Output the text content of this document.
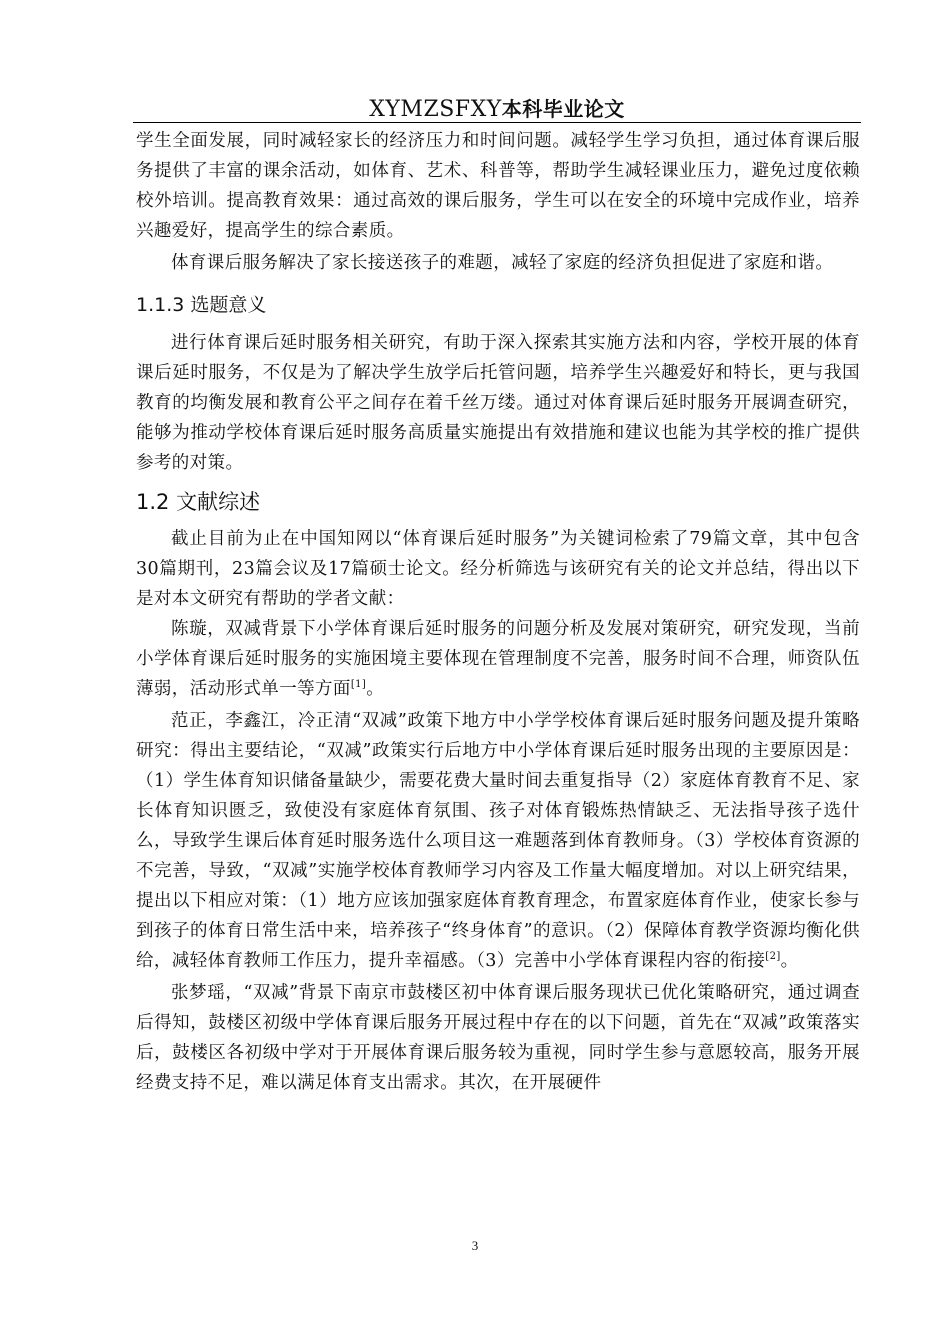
XYMZSFXY本科毕业论文

学生全面发展，同时减轻家长的经济压力和时间问题。减轻学生学习负担，通过体育课后服务提供了丰富的课余活动，如体育、艺术、科普等，帮助学生减轻课业压力，避免过度依赖校外培训。提高教育效果：通过高效的课后服务，学生可以在安全的环境中完成作业，培养兴趣爱好，提高学生的综合素质。

体育课后服务解决了家长接送孩子的难题，减轻了家庭的经济负担促进了家庭和谐。

1.1.3 选题意义

进行体育课后延时服务相关研究，有助于深入探索其实施方法和内容，学校开展的体育课后延时服务，不仅是为了解决学生放学后托管问题，培养学生兴趣爱好和特长，更与我国教育的均衡发展和教育公平之间存在着千丝万缕。通过对体育课后延时服务开展调查研究，能够为推动学校体育课后延时服务高质量实施提出有效措施和建议也能为其学校的推广提供参考的对策。

1.2 文献综述

截止目前为止在中国知网以“体育课后延时服务”为关键词检索了79篇文章，其中包含30篇期刊，23篇会议及17篇硕士论文。经分析筛选与该研究有关的论文并总结，得出以下是对本文研究有帮助的学者文献：

陈璇，双减背景下小学体育课后延时服务的问题分析及发展对策研究，研究发现，当前小学体育课后延时服务的实施困境主要体现在管理制度不完善，服务时间不合理，师资队伍薄弱，活动形式单一等方面[1]。

范正，李鑫江，冷正清“双减”政策下地方中小学学校体育课后延时服务问题及提升策略研究：得出主要结论，“双减”政策实行后地方中小学体育课后延时服务出现的主要原因是：（1）学生体育知识储备量缺少，需要花费大量时间去重复指导（2）家庭体育教育不足、家长体育知识匮乏，致使没有家庭体育氛围、孩子对体育锻炼热情缺乏、无法指导孩子选什么，导致学生课后体育延时服务选什么项目这一难题落到体育教师身。（3）学校体育资源的不完善，导致，“双减”实施学校体育教师学习内容及工作量大幅度增加。对以上研究结果，提出以下相应对策：（1）地方应该加强家庭体育教育理念，布置家庭体育作业，使家长参与到孩子的体育日常生活中来，培养孩子“终身体育”的意识。（2）保障体育教学资源均衡化供给，减轻体育教师工作压力，提升幸福感。（3）完善中小学体育课程内容的衔接[2]。

张梦瑶，“双减”背景下南京市鼓楼区初中体育课后服务现状已优化策略研究，通过调查后得知，鼓楼区初级中学体育课后服务开展过程中存在的以下问题，首先在“双减”政策落实后，鼓楼区各初级中学对于开展体育课后服务较为重视，同时学生参与意愿较高，服务开展经费支持不足，难以满足体育支出需求。其次，在开展硬件

3
